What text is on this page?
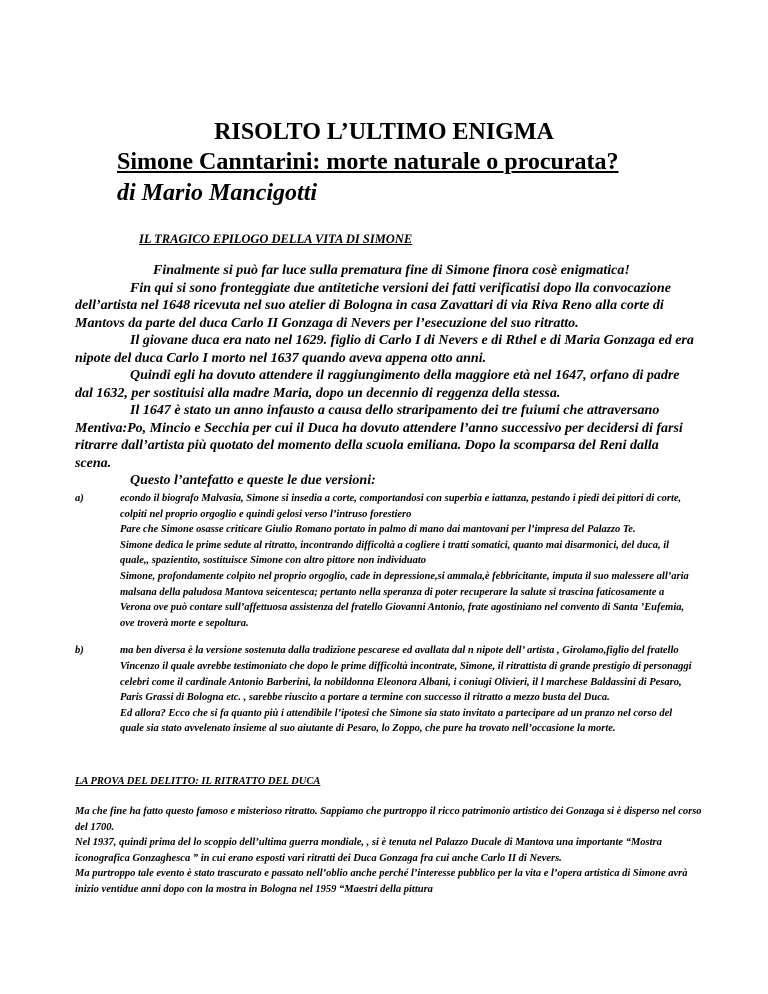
RISOLTO L’ULTIMO ENIGMA
Simone Canntarini: morte naturale o procurata?
di Mario Mancigotti
IL TRAGICO EPILOGO DELLA VITA DI SIMONE

Finalmente si può far luce sulla prematura fine di Simone finora cosè enigmatica!

Fin qui si sono fronteggiate due antitetiche versioni dei fatti verificatisi dopo lla convocazione dell’artista nel 1648 ricevuta nel suo atelier di Bologna in casa Zavattari di via Riva Reno alla corte di Mantovs da parte del duca Carlo II Gonzaga di Nevers per l’esecuzione del suo ritratto.

Il giovane duca era nato nel 1629. figlio di Carlo I di Nevers e di Rthel e di Maria Gonzaga ed era nipote del duca Carlo I morto nel 1637 quando aveva appena otto anni.

Quindi egli ha dovuto attendere il raggiungimento della maggiore età nel 1647, orfano di padre dal 1632, per sostituisi alla madre Maria, dopo un decennio di reggenza della stessa.

Il 1647 è stato un anno infausto a causa dello straripamento dei tre fuiumi che attraversano Mentiva:Po, Mincio e Secchia per cui il Duca ha dovuto attendere l’anno successivo per decidersi di farsi ritrarre dall’artista più quotato del momento della scuola emiliana. Dopo la scomparsa del Reni dalla scena.

Questo l’antefatto e queste le due versioni:

a)	econdo il biografo Malvasia, Simone si insedia a corte, comportandosi con superbia e iattanza, pestando i piedi dei pittori di corte, colpiti nel proprio orgoglio e quindi gelosi verso l’intruso forestiero

Pare che Simone osasse criticare Giulio Romano portato in palmo di mano dai mantovani per l’impresa del Palazzo Te.

Simone dedica le prime sedute al ritratto, incontrando difficoltà a cogliere i tratti somatici, quanto mai disarmonici, del duca, il quale,, spazientito, sostituisce Simone con altro pittore non individuato

Simone, profondamente colpito nel proprio orgoglio, cade in depressione,si ammala,è febbricitante, imputa il suo malessere all’aria malsana della paludosa Mantova seicentesca; pertanto nella speranza di poter recuperare la salute si trascina faticosamente a Verona ove può contare sull’affettuosa assistenza del fratello Giovanni Antonio, frate agostiniano nel convento di Santa ’Eufemia, ove troverà morte e sepoltura.

b)	ma ben diversa è la versione sostenuta dalla tradizione pescarese ed avallata dal n nipote dell’ artista , Girolamo,figlio del fratello Vincenzo il quale avrebbe testimoniato che dopo le prime difficoltà incontrate, Simone, il ritrattista di grande prestigio di personaggi celebri come il cardinale Antonio Barberini, la nobildonna Eleonora Albani, i coniugi Olivieri, il l marchese Baldassini di Pesaro, Paris Grassi di Bologna etc. , sarebbe riuscito a portare a termine con successo il ritratto a mezzo busta del Duca.

Ed allora? Ecco che si fa quanto più i attendibile l’ipotesi che Simone sia stato invitato a partecipare ad un pranzo nel corso del quale sia stato avvelenato insieme al suo aiutante di Pesaro, lo Zoppo, che pure ha trovato nell’occasione la morte.

LA PROVA DEL DELITTO: IL RITRATTO DEL DUCA

Ma che fine ha fatto questo famoso e misterioso ritratto. Sappiamo che purtroppo il ricco patrimonio artistico dei Gonzaga si è disperso nel corso del 1700.

Nel 1937, quindi prima del lo scoppio dell’ultima guerra mondiale, , si è tenuta nel Palazzo Ducale di Mantova una importante “Mostra iconografica Gonzaghesca ” in cui erano esposti vari ritratti dei Duca Gonzaga fra cui anche Carlo II di Nevers.

Ma purtroppo tale evento è stato trascurato e passato nell’oblio anche perché l’interesse pubblico per la vita e l’opera artistica di Simone avrà inizio ventidue anni dopo con la mostra in Bologna nel 1959 “Maestri della pittura
